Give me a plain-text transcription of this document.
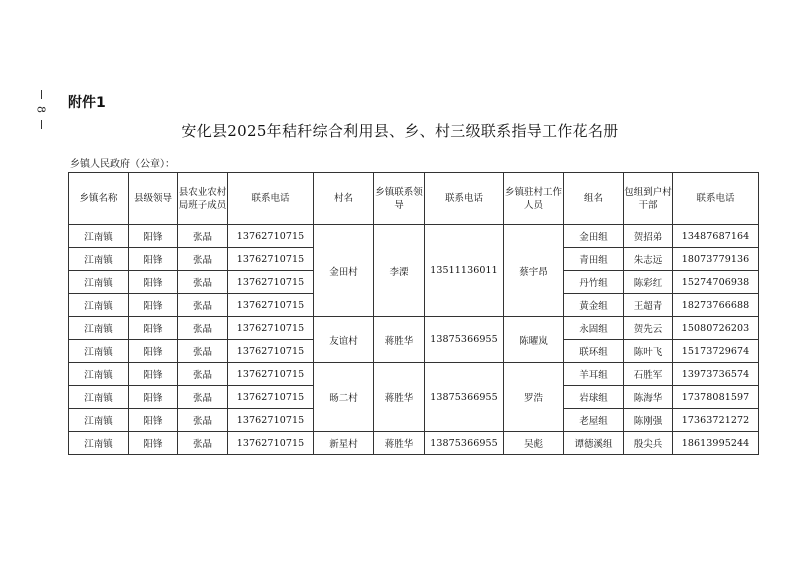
8 附件1
安化县2025年秸秆综合利用县、乡、村三级联系指导工作花名册
乡镇人民政府（公章）：
乡镇名称	县级领导	县农业农村局班子成员	联系电话	村名	乡镇联系领导	联系电话	乡镇驻村工作人员	组名	包组到户村干部	联系电话
江南镇	阳锋	张晶	13762710715	金田村	李溧	13511136011	蔡宇昂	金田组	贺招弟	13487687164
江南镇	阳锋	张晶	13762710715					青田组	朱志远	18073779136
江南镇	阳锋	张晶	13762710715					丹竹组	陈彩红	15274706938
江南镇	阳锋	张晶	13762710715					黄金组	王超青	18273766688
江南镇	阳锋	张晶	13762710715	友谊村	蒋胜华	13875366955	陈曜岚	永固组	贺先云	15080726203
江南镇	阳锋	张晶	13762710715					联环组	陈叶飞	15173729674
江南镇	阳锋	张晶	13762710715	旸二村	蒋胜华	13875366955	罗浩	羊耳组	石胜军	13973736574
江南镇	阳锋	张晶	13762710715					岩球组	陈海华	17378081597
江南镇	阳锋	张晶	13762710715					老屋组	陈刚强	17363721272
江南镇	阳锋	张晶	13762710715	新星村	蒋胜华	13875366955	吴彪	谭德溪组	殷尖兵	18613995244
